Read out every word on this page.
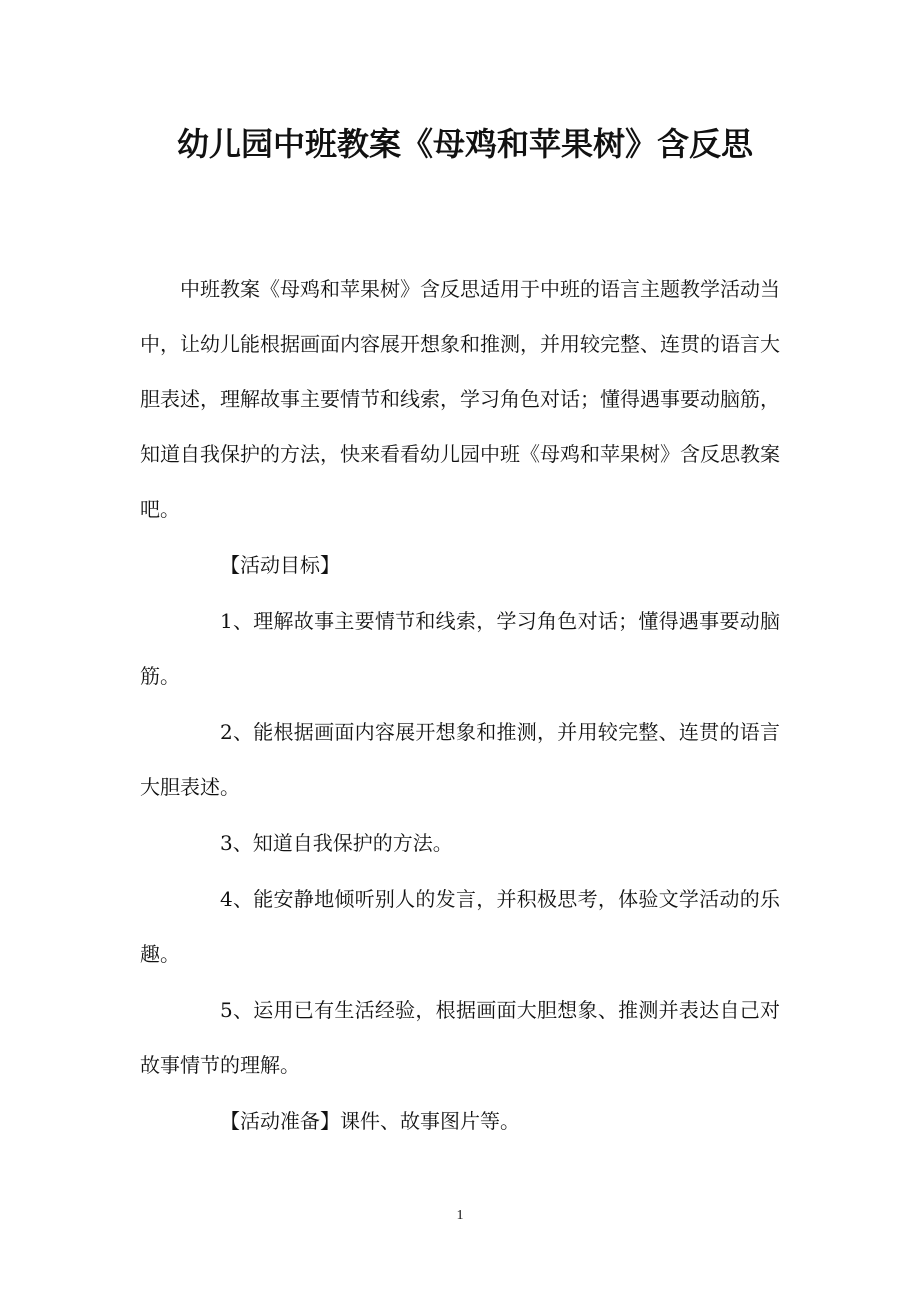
幼儿园中班教案《母鸡和苹果树》含反思

中班教案《母鸡和苹果树》含反思适用于中班的语言主题教学活动当中，让幼儿能根据画面内容展开想象和推测，并用较完整、连贯的语言大胆表述，理解故事主要情节和线索，学习角色对话；懂得遇事要动脑筋，知道自我保护的方法，快来看看幼儿园中班《母鸡和苹果树》含反思教案吧。

【活动目标】

1、理解故事主要情节和线索，学习角色对话；懂得遇事要动脑筋。

2、能根据画面内容展开想象和推测，并用较完整、连贯的语言大胆表述。

3、知道自我保护的方法。

4、能安静地倾听别人的发言，并积极思考，体验文学活动的乐趣。

5、运用已有生活经验，根据画面大胆想象、推测并表达自己对故事情节的理解。

【活动准备】课件、故事图片等。

1
